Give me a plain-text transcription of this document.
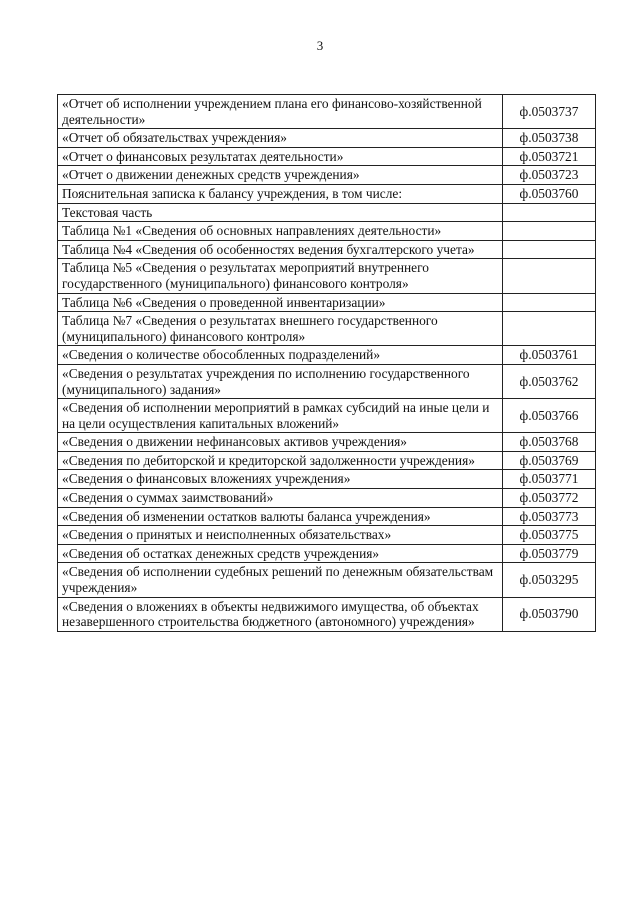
3
«Отчет об исполнении учреждением плана его финансово-хозяйственной деятельности»	ф.0503737
«Отчет об обязательствах учреждения»	ф.0503738
«Отчет о финансовых результатах деятельности»	ф.0503721
«Отчет о движении денежных средств учреждения»	ф.0503723
Пояснительная записка к балансу учреждения, в том числе:	ф.0503760
Текстовая часть	
Таблица №1 «Сведения об основных направлениях деятельности»	
Таблица №4 «Сведения об особенностях ведения бухгалтерского учета»	
Таблица №5 «Сведения о результатах мероприятий внутреннего государственного (муниципального) финансового контроля»	
Таблица №6 «Сведения о проведенной инвентаризации»	
Таблица №7 «Сведения о результатах внешнего государственного (муниципального) финансового контроля»	
«Сведения о количестве обособленных подразделений»	ф.0503761
«Сведения о результатах учреждения по исполнению государственного (муниципального) задания»	ф.0503762
«Сведения об исполнении мероприятий в рамках субсидий на иные цели и на цели осуществления капитальных вложений»	ф.0503766
«Сведения о движении нефинансовых активов учреждения»	ф.0503768
«Сведения по дебиторской и кредиторской задолженности учреждения»	ф.0503769
«Сведения о финансовых вложениях учреждения»	ф.0503771
«Сведения о суммах заимствований»	ф.0503772
«Сведения об изменении остатков валюты баланса учреждения»	ф.0503773
«Сведения о принятых и неисполненных обязательствах»	ф.0503775
«Сведения об остатках денежных средств учреждения»	ф.0503779
«Сведения об исполнении судебных решений по денежным обязательствам учреждения»	ф.0503295
«Сведения о вложениях в объекты недвижимого имущества, об объектах незавершенного строительства бюджетного (автономного) учреждения»	ф.0503790
